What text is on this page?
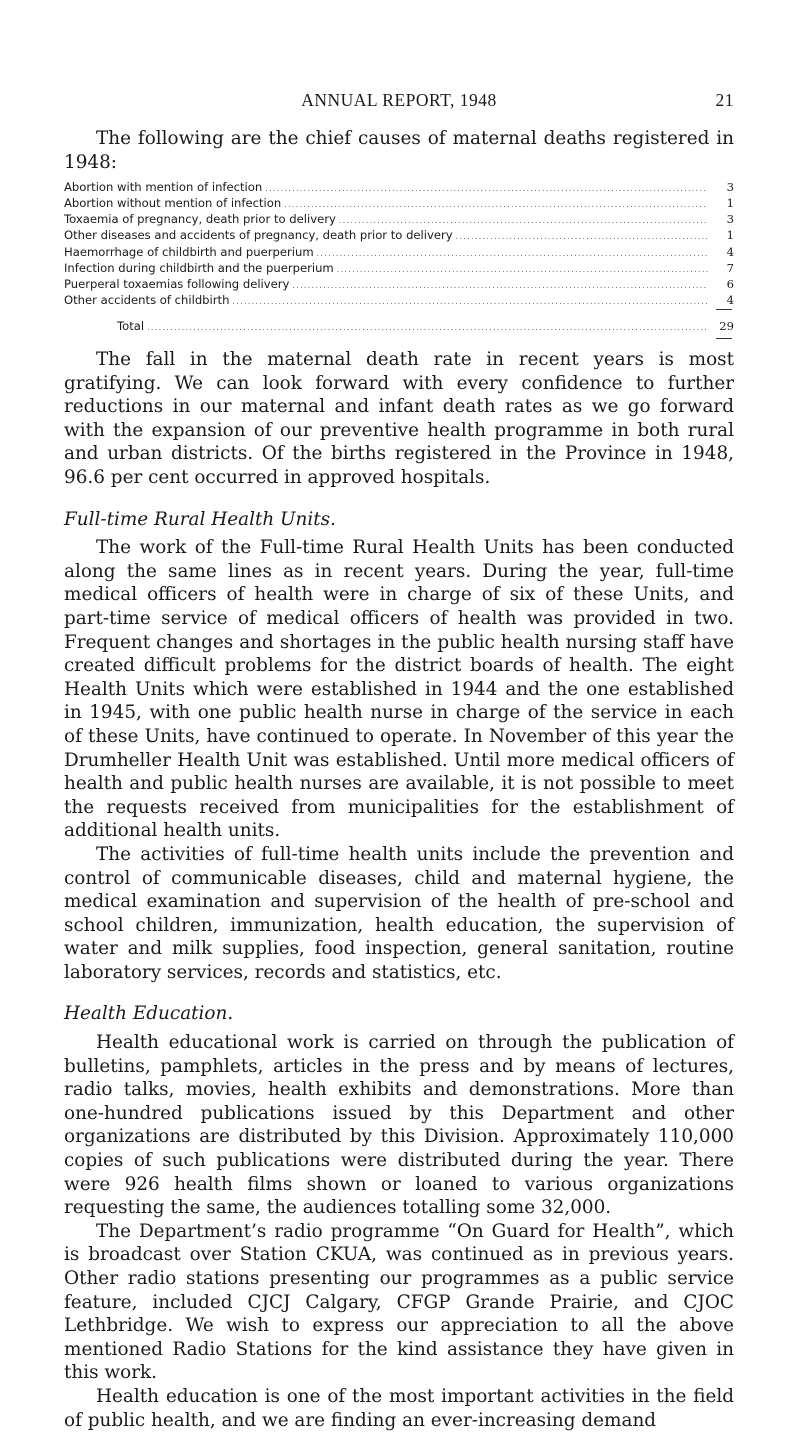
ANNUAL REPORT, 1948	21

The following are the chief causes of maternal deaths registered in 1948:

Abortion with mention of infection .....	3
Abortion without mention of infection .....	1
Toxaemia of pregnancy, death prior to delivery .....	3
Other diseases and accidents of pregnancy, death prior to delivery .....	1
Haemorrhage of childbirth and puerperium .....	4
Infection during childbirth and the puerperium .....	7
Puerperal toxaemias following delivery .....	6
Other accidents of childbirth .....	4
Total .....	29

The fall in the maternal death rate in recent years is most gratifying. We can look forward with every confidence to further reductions in our maternal and infant death rates as we go forward with the expansion of our preventive health programme in both rural and urban districts. Of the births registered in the Province in 1948, 96.6 per cent occurred in approved hospitals.

Full-time Rural Health Units.

The work of the Full-time Rural Health Units has been conducted along the same lines as in recent years. During the year, full-time medical officers of health were in charge of six of these Units, and part-time service of medical officers of health was provided in two. Frequent changes and shortages in the public health nursing staff have created difficult problems for the district boards of health. The eight Health Units which were established in 1944 and the one established in 1945, with one public health nurse in charge of the service in each of these Units, have continued to operate. In November of this year the Drumheller Health Unit was established. Until more medical officers of health and public health nurses are available, it is not possible to meet the requests received from municipalities for the establishment of additional health units.

The activities of full-time health units include the prevention and control of communicable diseases, child and maternal hygiene, the medical examination and supervision of the health of pre-school and school children, immunization, health education, the supervision of water and milk supplies, food inspection, general sanitation, routine laboratory services, records and statistics, etc.

Health Education.

Health educational work is carried on through the publication of bulletins, pamphlets, articles in the press and by means of lectures, radio talks, movies, health exhibits and demonstrations. More than one-hundred publications issued by this Department and other organizations are distributed by this Division. Approximately 110,000 copies of such publications were distributed during the year. There were 926 health films shown or loaned to various organizations requesting the same, the audiences totalling some 32,000.

The Department’s radio programme “On Guard for Health”, which is broadcast over Station CKUA, was continued as in previous years. Other radio stations presenting our programmes as a public service feature, included CJCJ Calgary, CFGP Grande Prairie, and CJOC Lethbridge. We wish to express our appreciation to all the above mentioned Radio Stations for the kind assistance they have given in this work.

Health education is one of the most important activities in the field of public health, and we are finding an ever-increasing demand
